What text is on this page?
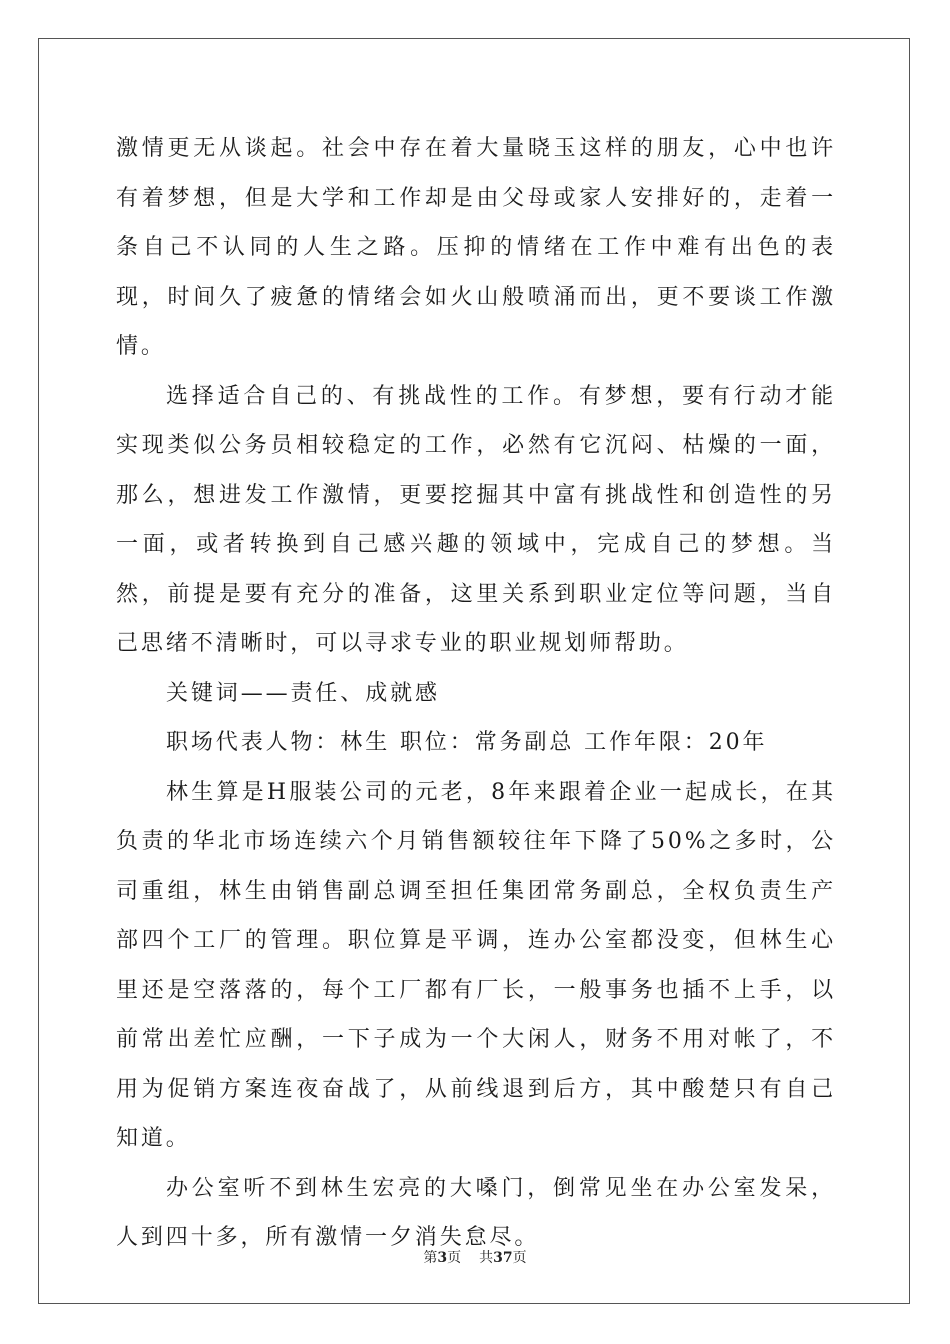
激情更无从谈起。社会中存在着大量晓玉这样的朋友，心中也许有着梦想，但是大学和工作却是由父母或家人安排好的，走着一条自己不认同的人生之路。压抑的情绪在工作中难有出色的表现，时间久了疲惫的情绪会如火山般喷涌而出，更不要谈工作激情。

选择适合自己的、有挑战性的工作。有梦想，要有行动才能实现类似公务员相较稳定的工作，必然有它沉闷、枯燥的一面，那么，想进发工作激情，更要挖掘其中富有挑战性和创造性的另一面，或者转换到自己感兴趣的领域中，完成自己的梦想。当然，前提是要有充分的准备，这里关系到职业定位等问题，当自己思绪不清晰时，可以寻求专业的职业规划师帮助。

关键词——责任、成就感

职场代表人物：林生 职位：常务副总 工作年限：20年

林生算是H服装公司的元老，8年来跟着企业一起成长，在其负责的华北市场连续六个月销售额较往年下降了50%之多时，公司重组，林生由销售副总调至担任集团常务副总，全权负责生产部四个工厂的管理。职位算是平调，连办公室都没变，但林生心里还是空落落的，每个工厂都有厂长，一般事务也插不上手，以前常出差忙应酬，一下子成为一个大闲人，财务不用对帐了，不用为促销方案连夜奋战了，从前线退到后方，其中酸楚只有自己知道。

办公室听不到林生宏亮的大嗓门，倒常见坐在办公室发呆，人到四十多，所有激情一夕消失怠尽。

第3页 共37页
